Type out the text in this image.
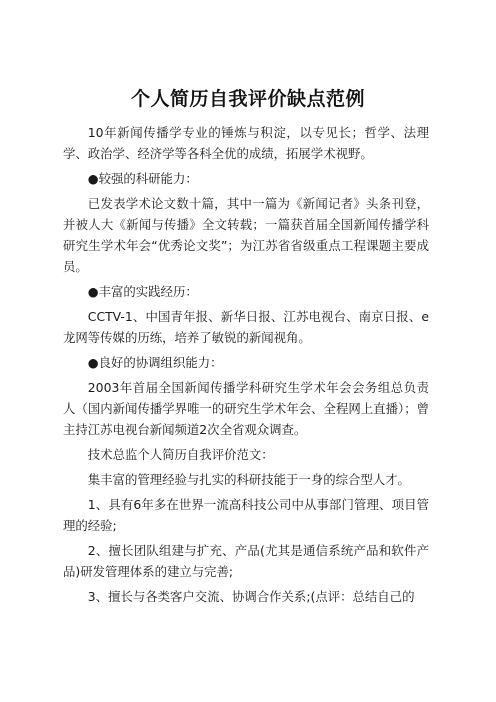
个人简历自我评价缺点范例

10年新闻传播学专业的锤炼与积淀，以专见长；哲学、法理学、政治学、经济学等各科全优的成绩，拓展学术视野。

●较强的科研能力：

已发表学术论文数十篇，其中一篇为《新闻记者》头条刊登，并被人大《新闻与传播》全文转载；一篇获首届全国新闻传播学科研究生学术年会“优秀论文奖”；为江苏省省级重点工程课题主要成员。

●丰富的实践经历：

CCTV-1、中国青年报、新华日报、江苏电视台、南京日报、e龙网等传媒的历练，培养了敏锐的新闻视角。

●良好的协调组织能力：

2003年首届全国新闻传播学科研究生学术年会会务组总负责人（国内新闻传播学界唯一的研究生学术年会、全程网上直播）；曾主持江苏电视台新闻频道2次全省观众调查。

技术总监个人简历自我评价范文：

集丰富的管理经验与扎实的科研技能于一身的综合型人才。

1、具有6年多在世界一流高科技公司中从事部门管理、项目管理的经验;

2、擅长团队组建与扩充、产品(尤其是通信系统产品和软件产品)研发管理体系的建立与完善;

3、擅长与各类客户交流、协调合作关系;(点评：总结自己的
